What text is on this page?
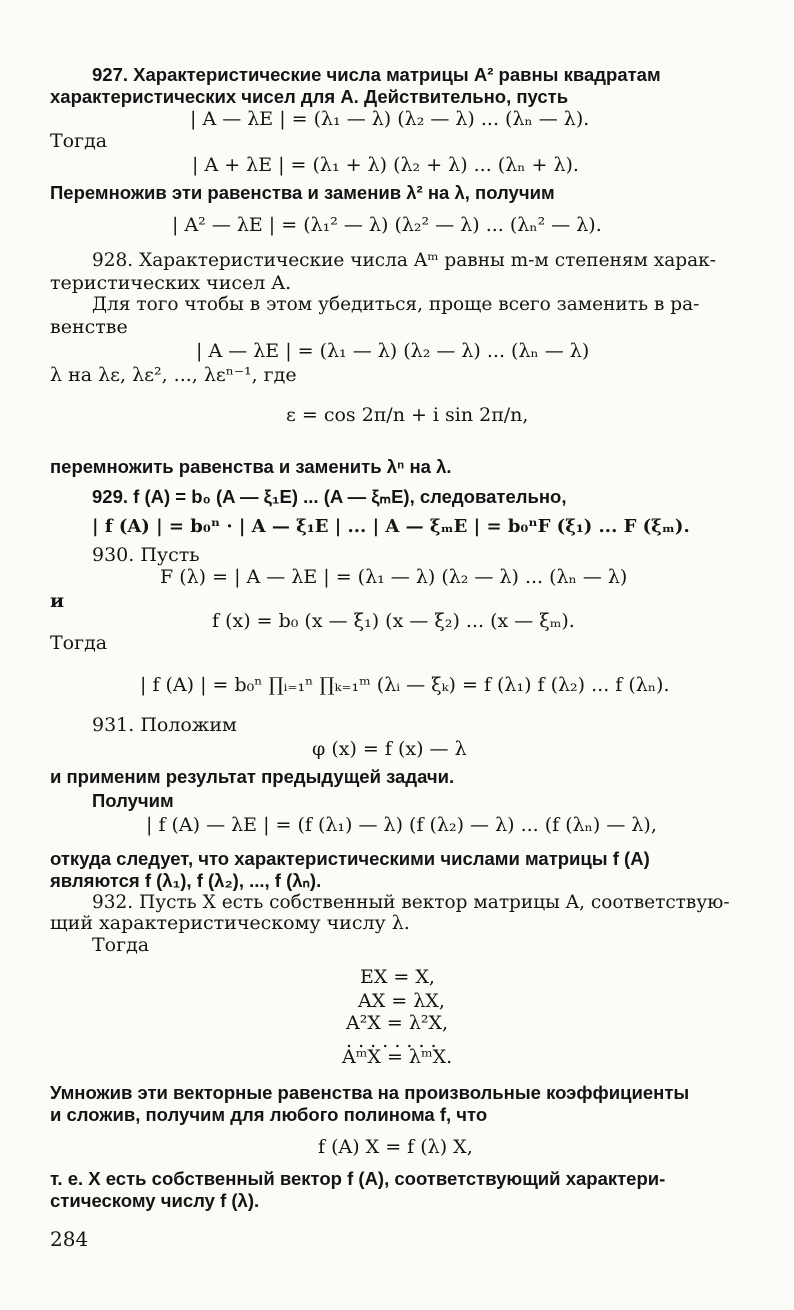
927. Характеристические числа матрицы A² равны квадратам
характеристических чисел для A. Действительно, пусть
| A — λE | = (λ₁ — λ) (λ₂ — λ) ... (λₙ — λ).
Тогда
| A + λE | = (λ₁ + λ) (λ₂ + λ) ... (λₙ + λ).
Перемножив эти равенства и заменив λ² на λ, получим
| A² — λE | = (λ₁² — λ) (λ₂² — λ) ... (λₙ² — λ).
928. Характеристические числа Aᵐ равны m-м степеням харак-
теристических чисел A.
Для того чтобы в этом убедиться, проще всего заменить в ра-
венстве
| A — λE | = (λ₁ — λ) (λ₂ — λ) ... (λₙ — λ)
λ на λε, λε², ..., λεⁿ⁻¹, где
ε = cos 2π/n + i sin 2π/n,
перемножить равенства и заменить λⁿ на λ.
929. f (A) = b₀ (A — ξ₁E) ... (A — ξₘE), следовательно,
| f (A) | = b₀ⁿ · | A — ξ₁E | ... | A — ξₘE | = b₀ⁿF (ξ₁) ... F (ξₘ).
930. Пусть
F (λ) = | A — λE | = (λ₁ — λ) (λ₂ — λ) ... (λₙ — λ)
и
f (x) = b₀ (x — ξ₁) (x — ξ₂) ... (x — ξₘ).
Тогда
| f (A) | = b₀ⁿ ∏ᵢ₌₁ⁿ ∏ₖ₌₁ᵐ (λᵢ — ξₖ) = f (λ₁) f (λ₂) ... f (λₙ).
931. Положим
φ (x) = f (x) — λ
и применим результат предыдущей задачи.
Получим
| f (A) — λE | = (f (λ₁) — λ) (f (λ₂) — λ) ... (f (λₙ) — λ),
откуда следует, что характеристическими числами матрицы f (A)
являются f (λ₁), f (λ₂), ..., f (λₙ).
932. Пусть X есть собственный вектор матрицы A, соответствую-
щий характеристическому числу λ.
Тогда
EX = X,
AX = λX,
A²X = λ²X,
. . . . . . . .
AᵐX = λᵐX.
Умножив эти векторные равенства на произвольные коэффициенты
и сложив, получим для любого полинома f, что
f (A) X = f (λ) X,
т. е. X есть собственный вектор f (A), соответствующий характери-
стическому числу f (λ).
284
